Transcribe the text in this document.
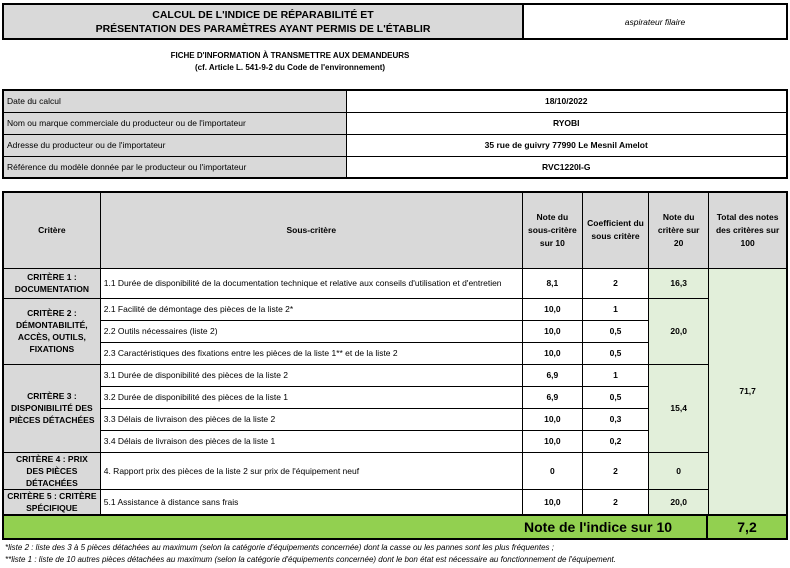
CALCUL DE L'INDICE DE RÉPARABILITÉ ET
PRÉSENTATION DES PARAMÈTRES AYANT PERMIS DE L'ÉTABLIR
	aspirateur filaire
FICHE D'INFORMATION À TRANSMETTRE AUX DEMANDEURS
(cf. Article L. 541-9-2 du Code de l'environnement)
Date du calcul	18/10/2022
Nom ou marque commerciale du producteur ou de l'importateur	RYOBI
Adresse du producteur ou de l'importateur	35 rue de guivry 77990 Le Mesnil Amelot
Référence du modèle donnée par le producteur ou l'importateur	RVC1220I-G
Critère	Sous-critère	Note du sous-critère sur 10	Coefficient du sous critère	Note du critère sur 20	Total des notes des critères sur 100
CRITÈRE 1 : DOCUMENTATION	1.1 Durée de disponibilité de la documentation technique et relative aux conseils d'utilisation et d'entretien	8,1	2	16,3	71,7
CRITÈRE 2 : DÉMONTABILITÉ, ACCÈS, OUTILS, FIXATIONS	2.1 Facilité de démontage des pièces de la liste 2*	10,0	1	20,0	
	2.2 Outils nécessaires (liste 2)	10,0	0,5		
	2.3 Caractéristiques des fixations entre les pièces de la liste 1** et de la liste 2	10,0	0,5		
CRITÈRE 3 : DISPONIBILITÉ DES PIÈCES DÉTACHÉES	3.1 Durée de disponibilité des pièces de la liste 2	6,9	1	15,4	
	3.2 Durée de disponibilité des pièces de la liste 1	6,9	0,5		
	3.3 Délais de livraison des pièces de la liste 2	10,0	0,3		
	3.4 Délais de livraison des pièces de la liste 1	10,0	0,2		
CRITÈRE 4 : PRIX DES PIÈCES DÉTACHÉES	4. Rapport prix des pièces de la liste 2 sur prix de l'équipement neuf	0	2	0	
CRITÈRE 5 : CRITÈRE SPÉCIFIQUE	5.1 Assistance à distance sans frais	10,0	2	20,0	
Note de l'indice sur 10	7,2
*liste 2 : liste des 3 à 5 pièces détachées au maximum (selon la catégorie d'équipements concernée) dont la casse ou les pannes sont les plus fréquentes ;
**liste 1 : liste de 10 autres pièces détachées au maximum (selon la catégorie d'équipements concernée) dont le bon état est nécessaire au fonctionnement de l'équipement.
